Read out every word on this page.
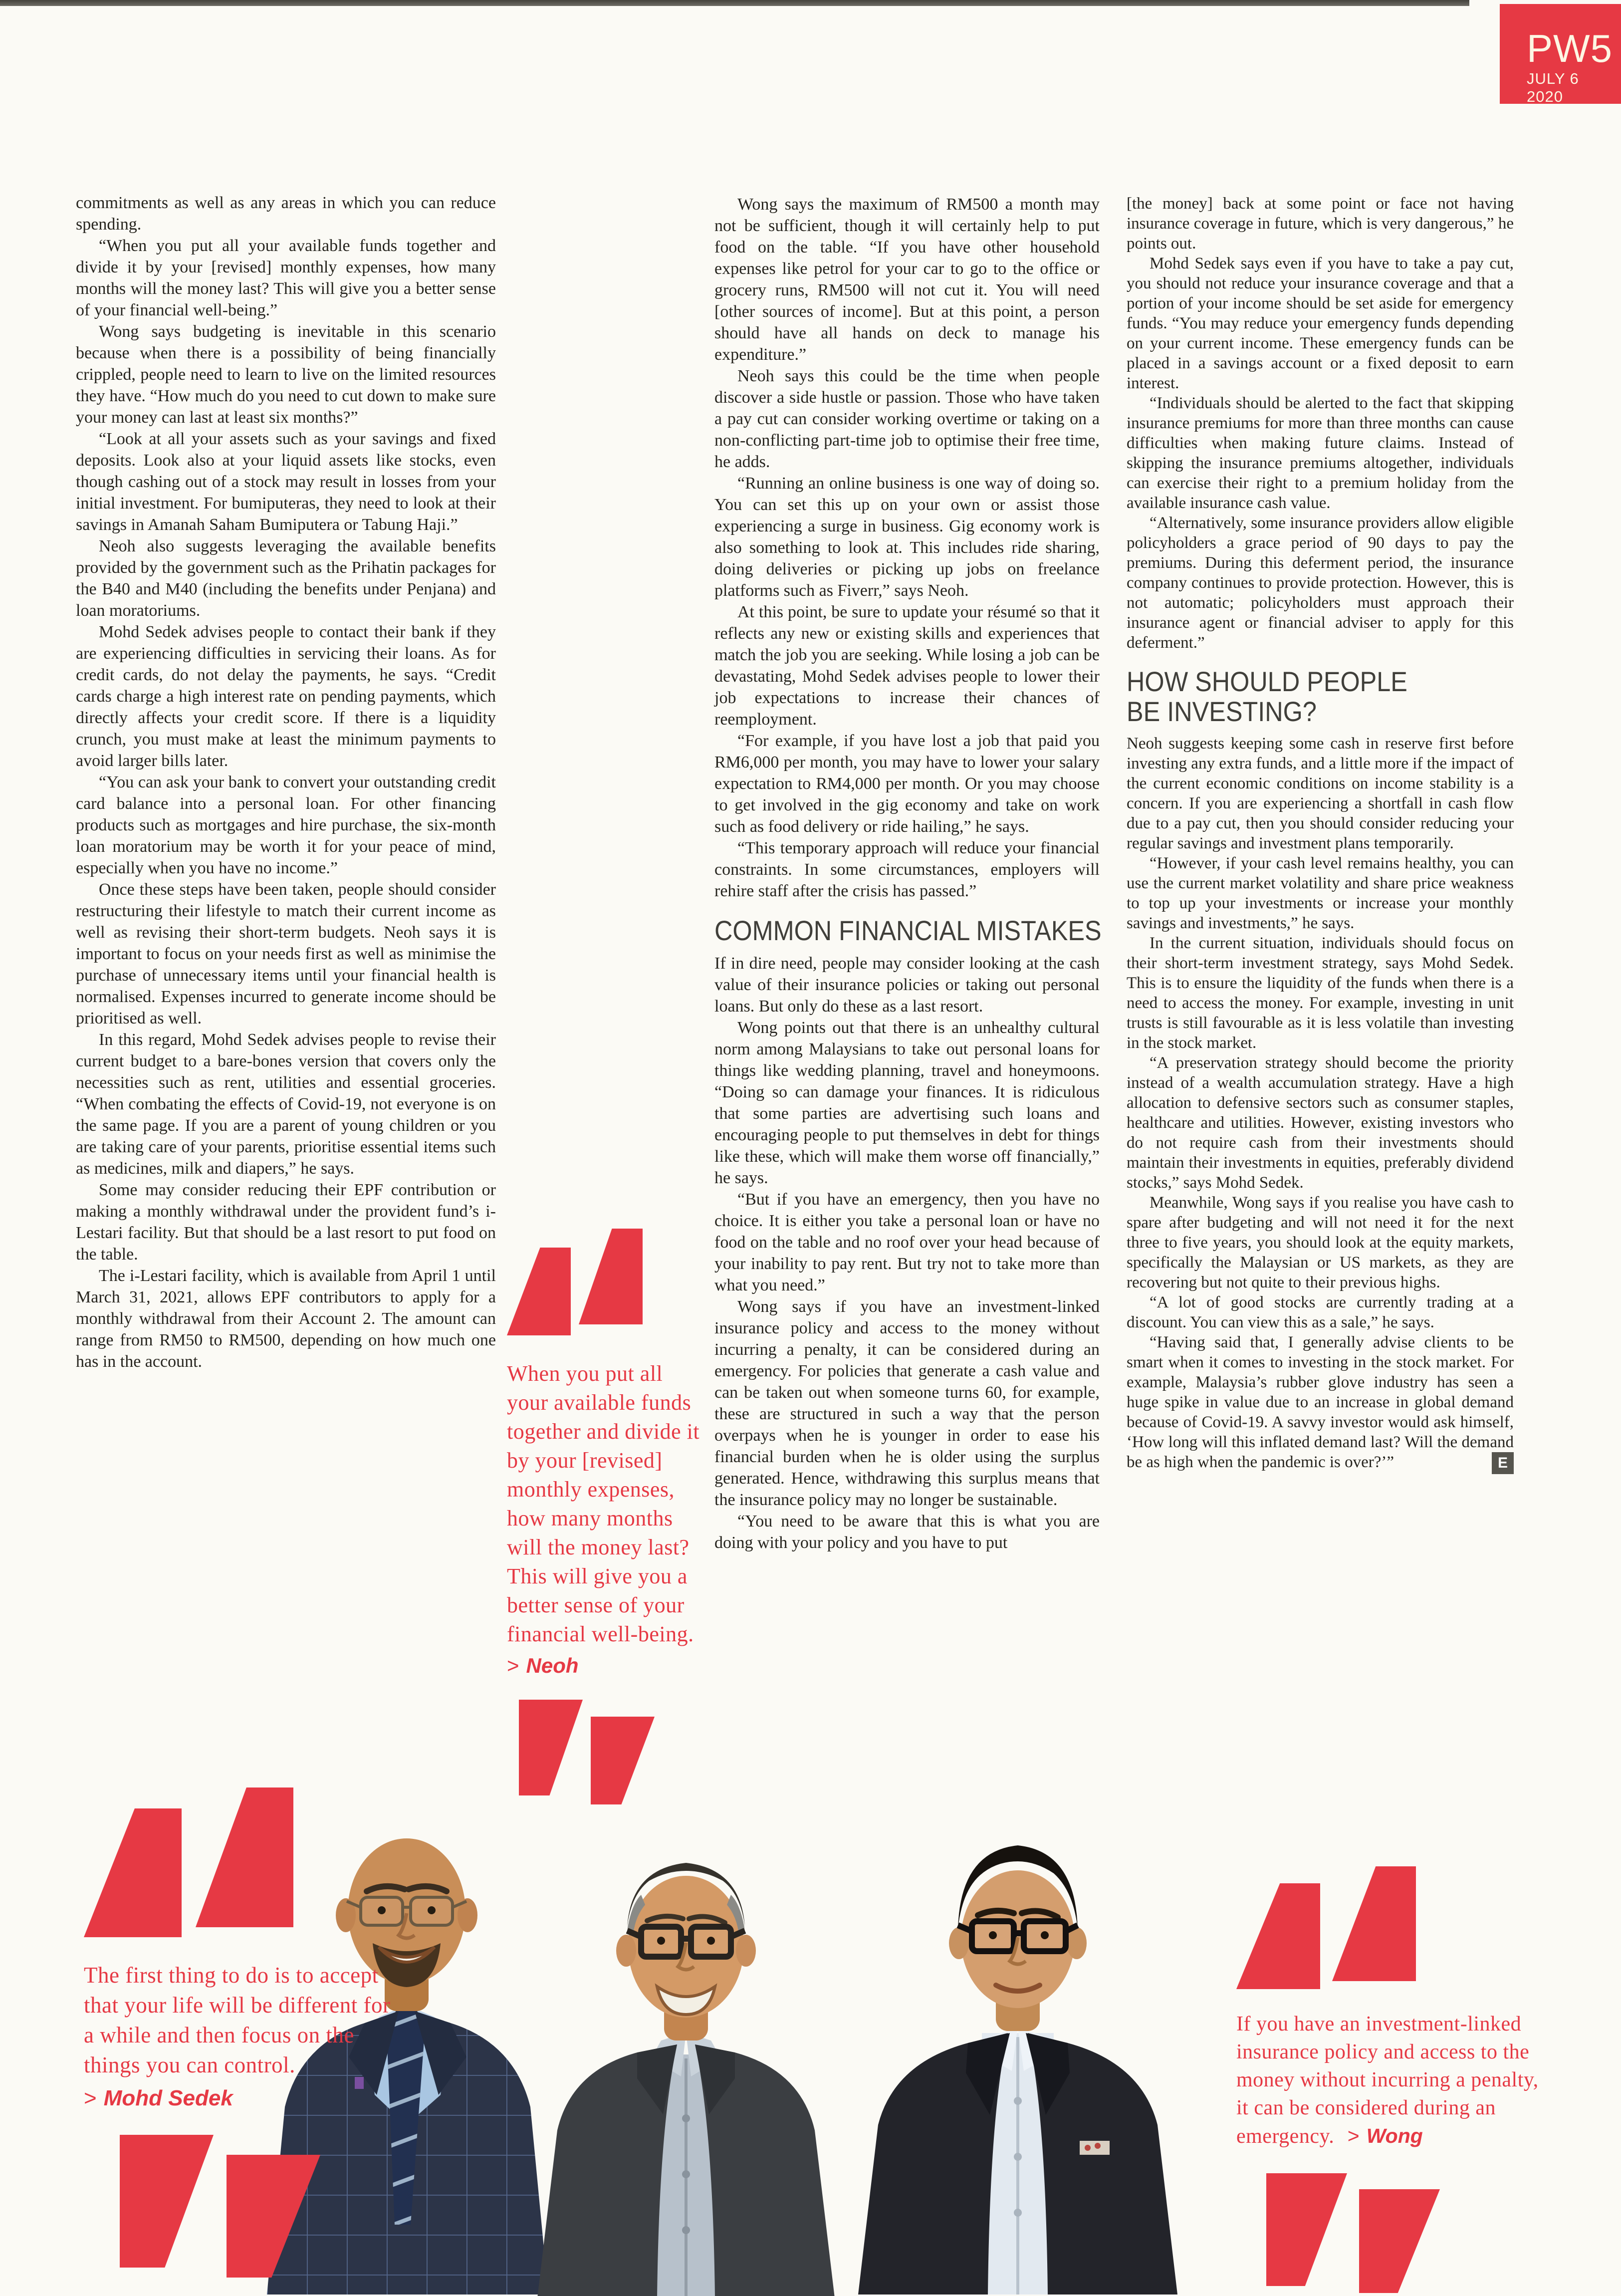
PW5
JULY 6
2020

commitments as well as any areas in which you can reduce spending.

“When you put all your available funds together and divide it by your [revised] monthly expenses, how many months will the money last? This will give you a better sense of your financial well-being.”

Wong says budgeting is inevitable in this scenario because when there is a possibility of being financially crippled, people need to learn to live on the limited resources they have. “How much do you need to cut down to make sure your money can last at least six months?”

“Look at all your assets such as your savings and fixed deposits. Look also at your liquid assets like stocks, even though cashing out of a stock may result in losses from your initial investment. For bumiputeras, they need to look at their savings in Amanah Saham Bumiputera or Tabung Haji.”

Neoh also suggests leveraging the available benefits provided by the government such as the Prihatin packages for the B40 and M40 (including the benefits under Penjana) and loan moratoriums.

Mohd Sedek advises people to contact their bank if they are experiencing difficulties in servicing their loans. As for credit cards, do not delay the payments, he says. “Credit cards charge a high interest rate on pending payments, which directly affects your credit score. If there is a liquidity crunch, you must make at least the minimum payments to avoid larger bills later.

“You can ask your bank to convert your outstanding credit card balance into a personal loan. For other financing products such as mortgages and hire purchase, the six-month loan moratorium may be worth it for your peace of mind, especially when you have no income.”

Once these steps have been taken, people should consider restructuring their lifestyle to match their current income as well as revising their short-term budgets. Neoh says it is important to focus on your needs first as well as minimise the purchase of unnecessary items until your financial health is normalised. Expenses incurred to generate income should be prioritised as well.

In this regard, Mohd Sedek advises people to revise their current budget to a bare-bones version that covers only the necessities such as rent, utilities and essential groceries. “When combating the effects of Covid-19, not everyone is on the same page. If you are a parent of young children or you are taking care of your parents, prioritise essential items such as medicines, milk and diapers,” he says.

Some may consider reducing their EPF contribution or making a monthly withdrawal under the provident fund’s i-Lestari facility. But that should be a last resort to put food on the table.

The i-Lestari facility, which is available from April 1 until March 31, 2021, allows EPF contributors to apply for a monthly withdrawal from their Account 2. The amount can range from RM50 to RM500, depending on how much one has in the account.

Wong says the maximum of RM500 a month may not be sufficient, though it will certainly help to put food on the table. “If you have other household expenses like petrol for your car to go to the office or grocery runs, RM500 will not cut it. You will need [other sources of income]. But at this point, a person should have all hands on deck to manage his expenditure.”

Neoh says this could be the time when people discover a side hustle or passion. Those who have taken a pay cut can consider working overtime or taking on a non-conflicting part-time job to optimise their free time, he adds.

“Running an online business is one way of doing so. You can set this up on your own or assist those experiencing a surge in business. Gig economy work is also something to look at. This includes ride sharing, doing deliveries or picking up jobs on freelance platforms such as Fiverr,” says Neoh.

At this point, be sure to update your résumé so that it reflects any new or existing skills and experiences that match the job you are seeking. While losing a job can be devastating, Mohd Sedek advises people to lower their job expectations to increase their chances of reemployment.

“For example, if you have lost a job that paid you RM6,000 per month, you may have to lower your salary expectation to RM4,000 per month. Or you may choose to get involved in the gig economy and take on work such as food delivery or ride hailing,” he says.

“This temporary approach will reduce your financial constraints. In some circumstances, employers will rehire staff after the crisis has passed.”

COMMON FINANCIAL MISTAKES

If in dire need, people may consider looking at the cash value of their insurance policies or taking out personal loans. But only do these as a last resort.

Wong points out that there is an unhealthy cultural norm among Malaysians to take out personal loans for things like wedding planning, travel and honeymoons. “Doing so can damage your finances. It is ridiculous that some parties are advertising such loans and encouraging people to put themselves in debt for things like these, which will make them worse off financially,” he says.

“But if you have an emergency, then you have no choice. It is either you take a personal loan or have no food on the table and no roof over your head because of your inability to pay rent. But try not to take more than what you need.”

Wong says if you have an investment-linked insurance policy and access to the money without incurring a penalty, it can be considered during an emergency. For policies that generate a cash value and can be taken out when someone turns 60, for example, these are structured in such a way that the person overpays when he is younger in order to ease his financial burden when he is older using the surplus generated. Hence, withdrawing this surplus means that the insurance policy may no longer be sustainable.

“You need to be aware that this is what you are doing with your policy and you have to put

[the money] back at some point or face not having insurance coverage in future, which is very dangerous,” he points out.

Mohd Sedek says even if you have to take a pay cut, you should not reduce your insurance coverage and that a portion of your income should be set aside for emergency funds. “You may reduce your emergency funds depending on your current income. These emergency funds can be placed in a savings account or a fixed deposit to earn interest.

“Individuals should be alerted to the fact that skipping insurance premiums for more than three months can cause difficulties when making future claims. Instead of skipping the insurance premiums altogether, individuals can exercise their right to a premium holiday from the available insurance cash value.

“Alternatively, some insurance providers allow eligible policyholders a grace period of 90 days to pay the premiums. During this deferment period, the insurance company continues to provide protection. However, this is not automatic; policyholders must approach their insurance agent or financial adviser to apply for this deferment.”

HOW SHOULD PEOPLE
BE INVESTING?

Neoh suggests keeping some cash in reserve first before investing any extra funds, and a little more if the impact of the current economic conditions on income stability is a concern. If you are experiencing a shortfall in cash flow due to a pay cut, then you should consider reducing your regular savings and investment plans temporarily.

“However, if your cash level remains healthy, you can use the current market volatility and share price weakness to top up your investments or increase your monthly savings and investments,” he says.

In the current situation, individuals should focus on their short-term investment strategy, says Mohd Sedek. This is to ensure the liquidity of the funds when there is a need to access the money. For example, investing in unit trusts is still favourable as it is less volatile than investing in the stock market.

“A preservation strategy should become the priority instead of a wealth accumulation strategy. Have a high allocation to defensive sectors such as consumer staples, healthcare and utilities. However, existing investors who do not require cash from their investments should maintain their investments in equities, preferably dividend stocks,” says Mohd Sedek.

Meanwhile, Wong says if you realise you have cash to spare after budgeting and will not need it for the next three to five years, you should look at the equity markets, specifically the Malaysian or US markets, as they are recovering but not quite to their previous highs.

“A lot of good stocks are currently trading at a discount. You can view this as a sale,” he says.

“Having said that, I generally advise clients to be smart when it comes to investing in the stock market. For example, Malaysia’s rubber glove industry has seen a huge spike in value due to an increase in global demand because of Covid-19. A savvy investor would ask himself, ‘How long will this inflated demand last? Will the demand be as high when the pandemic is over?’”	E
When you put all your available funds together and divide it by your [revised] monthly expenses, how many months will the money last? This will give you a better sense of your financial well-being.
> Neoh
The first thing to do is to accept that your life will be different for a while and then focus on the things you can control.
> Mohd Sedek
If you have an investment-linked insurance policy and access to the money without incurring a penalty, it can be considered during an emergency. > Wong
